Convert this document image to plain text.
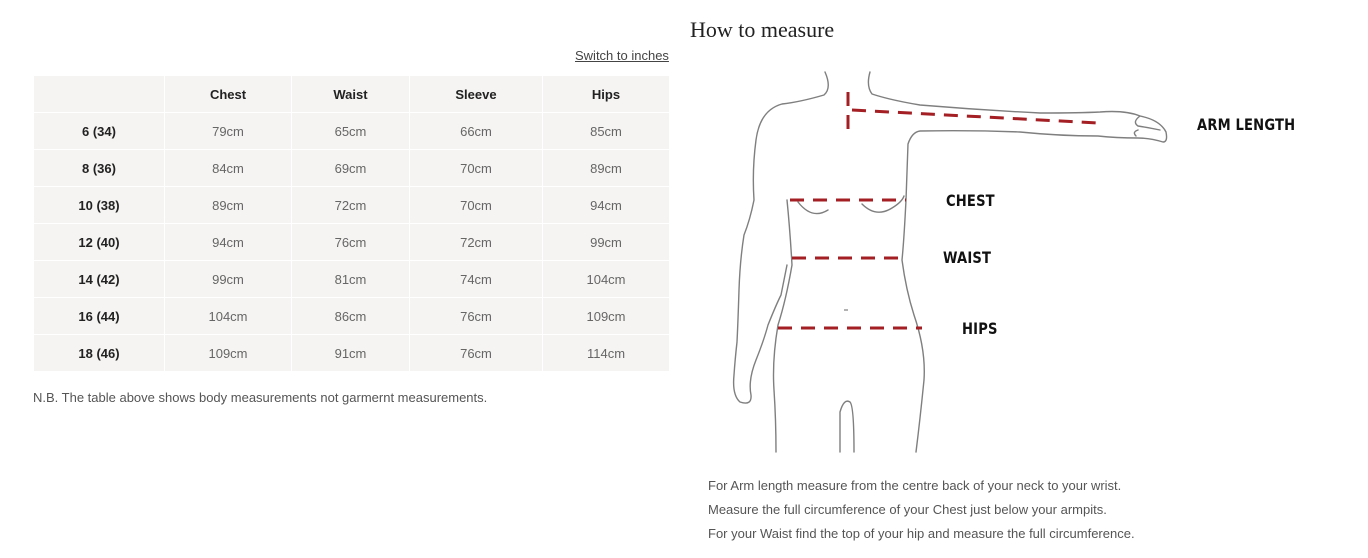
Switch to inches
	Chest	Waist	Sleeve	Hips
6 (34)	79cm	65cm	66cm	85cm
8 (36)	84cm	69cm	70cm	89cm
10 (38)	89cm	72cm	70cm	94cm
12 (40)	94cm	76cm	72cm	99cm
14 (42)	99cm	81cm	74cm	104cm
16 (44)	104cm	86cm	76cm	109cm
18 (46)	109cm	91cm	76cm	114cm
N.B. The table above shows body measurements not garmernt measurements.
How to measure
ARM LENGTH
CHEST
WAIST
HIPS
For Arm length measure from the centre back of your neck to your wrist.
Measure the full circumference of your Chest just below your armpits.
For your Waist find the top of your hip and measure the full circumference.
